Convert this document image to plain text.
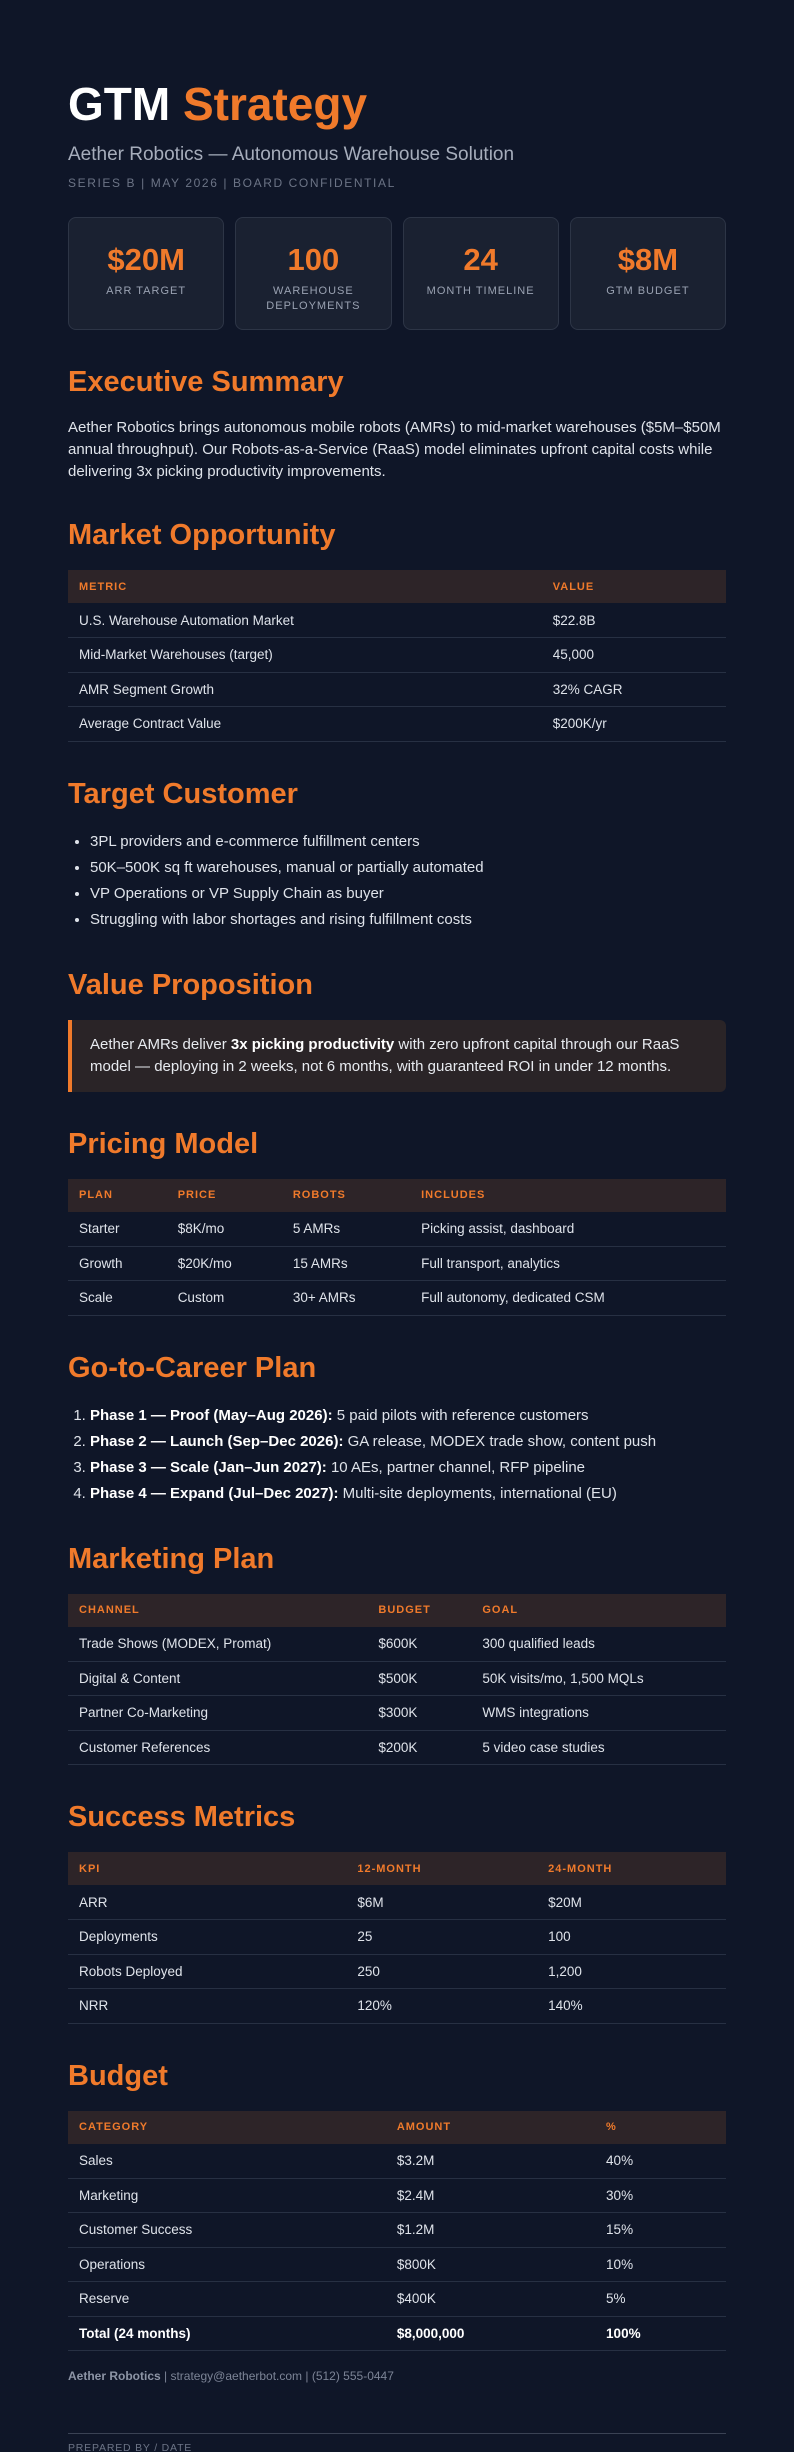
GTM Strategy
Aether Robotics — Autonomous Warehouse Solution
SERIES B | MAY 2026 | BOARD CONFIDENTIAL
$20M
ARR TARGET
100
WAREHOUSE DEPLOYMENTS
24
MONTH TIMELINE
$8M
GTM BUDGET
Executive Summary

Aether Robotics brings autonomous mobile robots (AMRs) to mid-market warehouses ($5M–$50M annual throughput). Our Robots-as-a-Service (RaaS) model eliminates upfront capital costs while delivering 3x picking productivity improvements.

Market Opportunity
METRIC	VALUE
U.S. Warehouse Automation Market	$22.8B
Mid-Market Warehouses (target)	45,000
AMR Segment Growth	32% CAGR
Average Contract Value	$200K/yr
Target Customer
• 3PL providers and e-commerce fulfillment centers
• 50K–500K sq ft warehouses, manual or partially automated
• VP Operations or VP Supply Chain as buyer
• Struggling with labor shortages and rising fulfillment costs
Value Proposition
Aether AMRs deliver 3x picking productivity with zero upfront capital through our RaaS model — deploying in 2 weeks, not 6 months, with guaranteed ROI in under 12 months.
Pricing Model
PLAN	PRICE	ROBOTS	INCLUDES
Starter	$8K/mo	5 AMRs	Picking assist, dashboard
Growth	$20K/mo	15 AMRs	Full transport, analytics
Scale	Custom	30+ AMRs	Full autonomy, dedicated CSM
Go-to-Career Plan
1. Phase 1 — Proof (May–Aug 2026): 5 paid pilots with reference customers
2. Phase 2 — Launch (Sep–Dec 2026): GA release, MODEX trade show, content push
3. Phase 3 — Scale (Jan–Jun 2027): 10 AEs, partner channel, RFP pipeline
4. Phase 4 — Expand (Jul–Dec 2027): Multi-site deployments, international (EU)
Marketing Plan
CHANNEL	BUDGET	GOAL
Trade Shows (MODEX, Promat)	$600K	300 qualified leads
Digital & Content	$500K	50K visits/mo, 1,500 MQLs
Partner Co-Marketing	$300K	WMS integrations
Customer References	$200K	5 video case studies
Success Metrics
KPI	12-MONTH	24-MONTH
ARR	$6M	$20M
Deployments	25	100
Robots Deployed	250	1,200
NRR	120%	140%
Budget
CATEGORY	AMOUNT	%
Sales	$3.2M	40%
Marketing	$2.4M	30%
Customer Success	$1.2M	15%
Operations	$800K	10%
Reserve	$400K	5%
Total (24 months)	$8,000,000	100%
Aether Robotics | strategy@aetherbot.com | (512) 555-0447
PREPARED BY / DATE
